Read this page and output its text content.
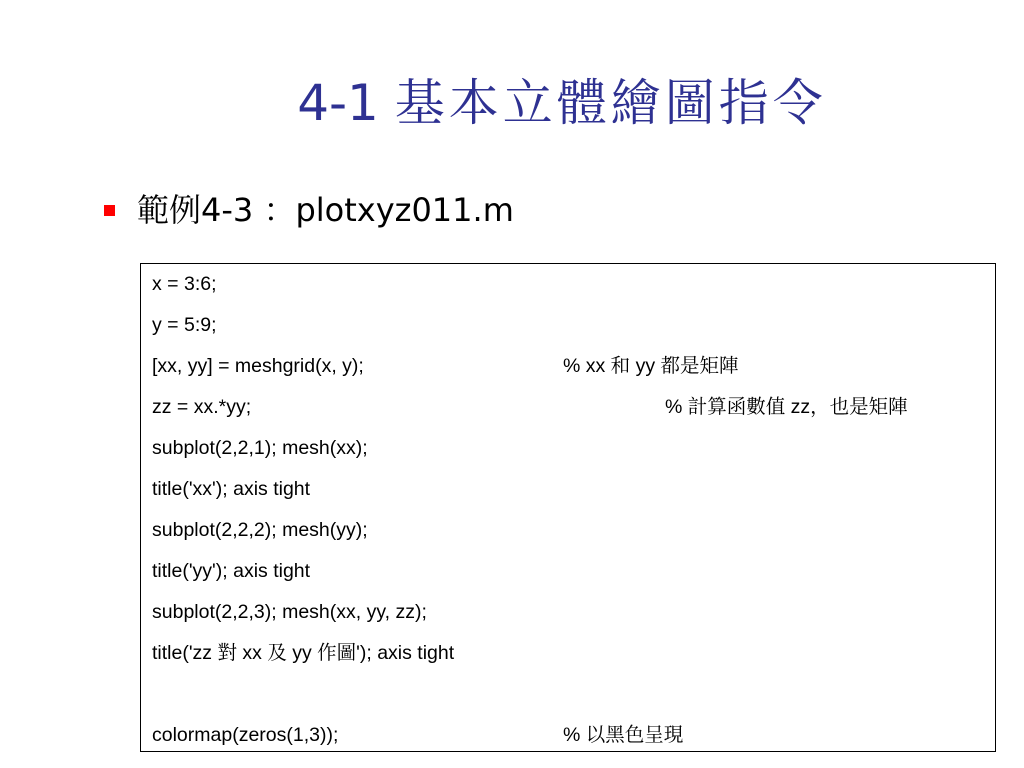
4-1 基本立體繪圖指令
範例4-3 ：plotxyz011.m
x = 3:6;
y = 5:9;
[xx, yy] = meshgrid(x, y);	% xx 和 yy 都是矩陣
zz = xx.*yy;	% 計算函數值 zz，也是矩陣
subplot(2,2,1); mesh(xx);
title('xx'); axis tight
subplot(2,2,2); mesh(yy);
title('yy'); axis tight
subplot(2,2,3); mesh(xx, yy, zz);
title('zz 對 xx 及 yy 作圖'); axis tight
colormap(zeros(1,3));	% 以黑色呈現
